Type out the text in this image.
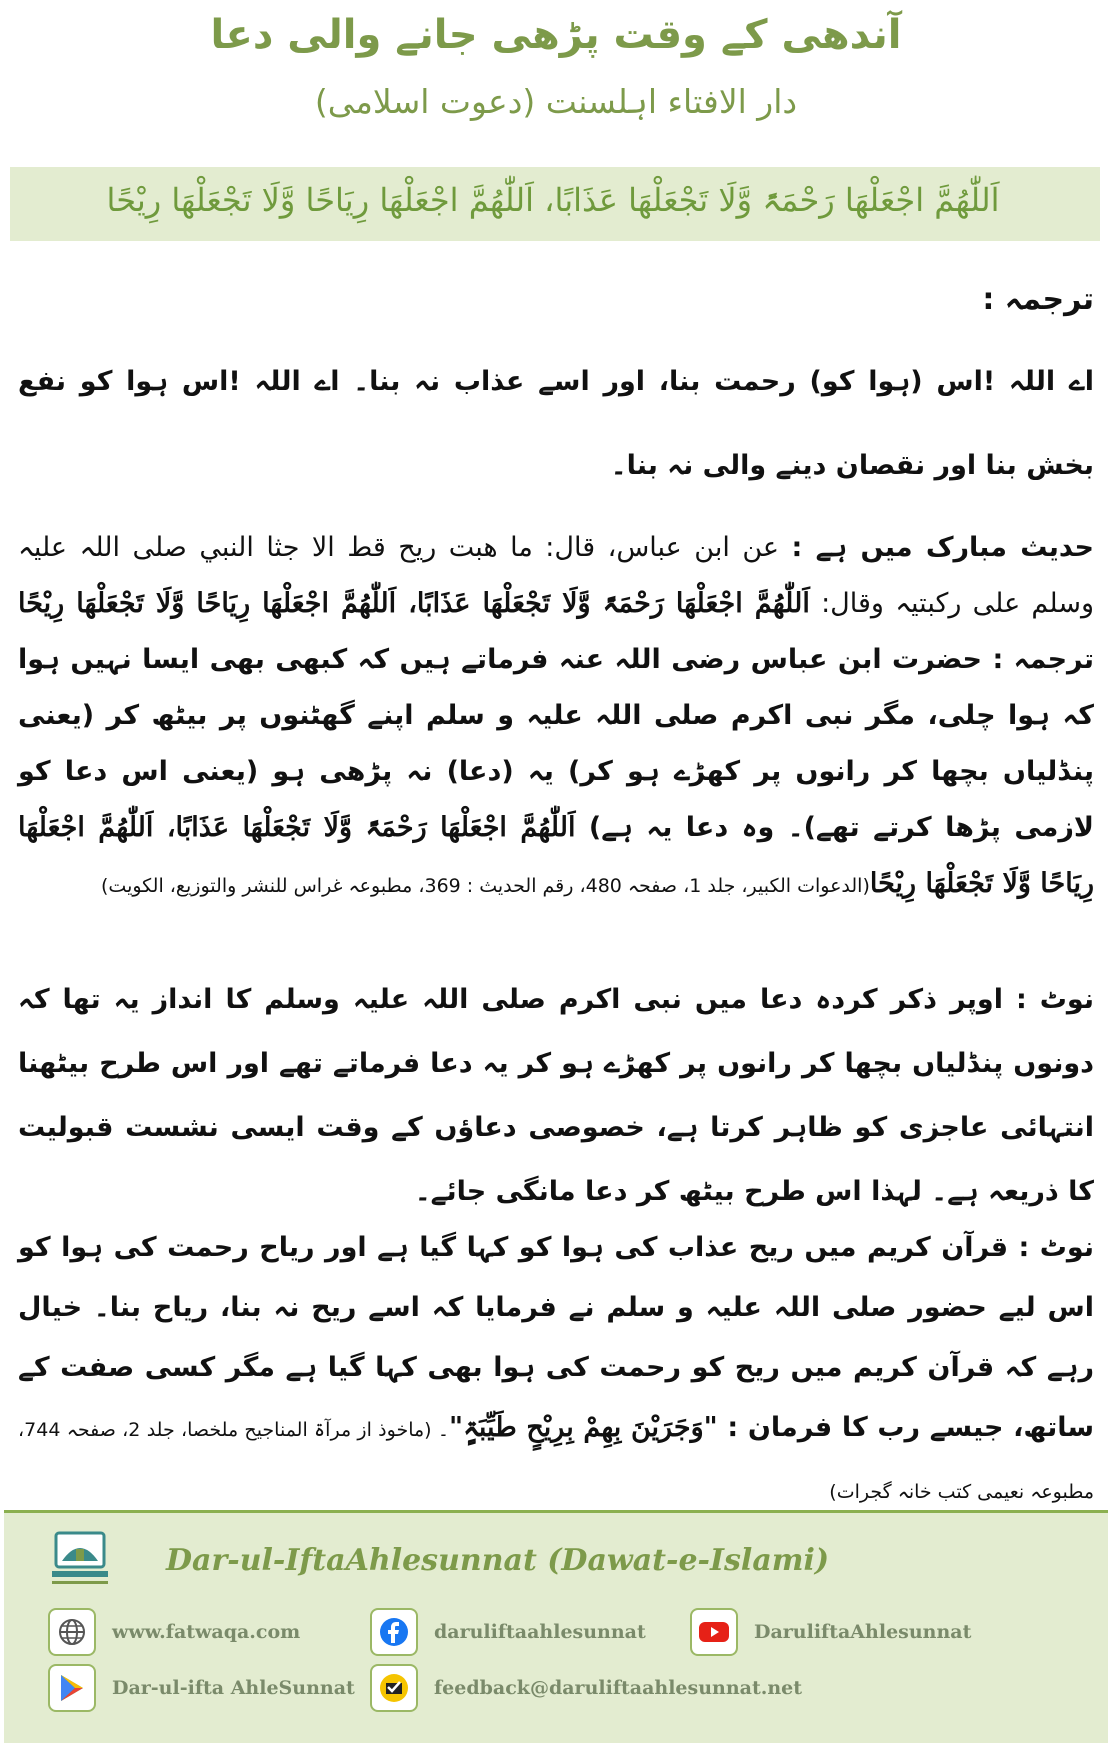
آندھی کے وقت پڑھی جانے والی دعا
دار الافتاء اہلسنت (دعوت اسلامی)
اَللّٰھُمَّ اجْعَلْھَا رَحْمَۃً وَّلَا تَجْعَلْھَا عَذَابًا، اَللّٰھُمَّ اجْعَلْھَا رِیَاحًا وَّلَا تَجْعَلْھَا رِیْحًا
ترجمہ :
اے اللہ !اس (ہوا کو) رحمت بنا، اور اسے عذاب نہ بنا۔ اے اللہ !اس ہوا کو نفع بخش بنا اور نقصان دینے والی نہ بنا۔
حدیث مبارک میں ہے : عن ابن عباس، قال: ما ھبت ریح قط الا جثا النبي صلی اللہ علیہ وسلم علی رکبتیہ وقال: اَللّٰھُمَّ اجْعَلْھَا رَحْمَۃً وَّلَا تَجْعَلْھَا عَذَابًا، اَللّٰھُمَّ اجْعَلْھَا رِیَاحًا وَّلَا تَجْعَلْھَا رِیْحًا ترجمہ : حضرت ابن عباس رضی اللہ عنہ فرماتے ہیں کہ کبھی بھی ایسا نہیں ہوا کہ ہوا چلی، مگر نبی اکرم صلی اللہ علیہ و سلم اپنے گھٹنوں پر بیٹھ کر (یعنی پنڈلیاں بچھا کر رانوں پر کھڑے ہو کر) یہ (دعا) نہ پڑھی ہو (یعنی اس دعا کو لازمی پڑھا کرتے تھے)۔ وہ دعا یہ ہے) اَللّٰھُمَّ اجْعَلْھَا رَحْمَۃً وَّلَا تَجْعَلْھَا عَذَابًا، اَللّٰھُمَّ اجْعَلْھَا رِیَاحًا وَّلَا تَجْعَلْھَا رِیْحًا(الدعوات الکبیر، جلد 1، صفحہ 480، رقم الحدیث : 369، مطبوعہ غراس للنشر والتوزیع، الکویت)
نوٹ : اوپر ذکر کردہ دعا میں نبی اکرم صلی اللہ علیہ وسلم کا انداز یہ تھا کہ دونوں پنڈلیاں بچھا کر رانوں پر کھڑے ہو کر یہ دعا فرماتے تھے اور اس طرح بیٹھنا انتہائی عاجزی کو ظاہر کرتا ہے، خصوصی دعاؤں کے وقت ایسی نشست قبولیت کا ذریعہ ہے۔ لہذا اس طرح بیٹھ کر دعا مانگی جائے۔
نوٹ : قرآن کریم میں ریح عذاب کی ہوا کو کہا گیا ہے اور ریاح رحمت کی ہوا کو اس لیے حضور صلی اللہ علیہ و سلم نے فرمایا کہ اسے ریح نہ بنا، ریاح بنا۔ خیال رہے کہ قرآن کریم میں ریح کو رحمت کی ہوا بھی کہا گیا ہے مگر کسی صفت کے ساتھ، جیسے رب کا فرمان : "وَجَرَیْنَ بِھِمْ بِرِیْحٍ طَیِّبَۃٍ"۔ (ماخوذ از مرآۃ المناجیح ملخصا، جلد 2، صفحہ 744، مطبوعہ نعیمی کتب خانہ گجرات)
Dar-ul-IftaAhlesunnat (Dawat-e-Islami)
www.fatwaqa.com	daruliftaahlesunnat	DaruliftaAhlesunnat
Dar-ul-ifta AhleSunnat	feedback@daruliftaahlesunnat.net
